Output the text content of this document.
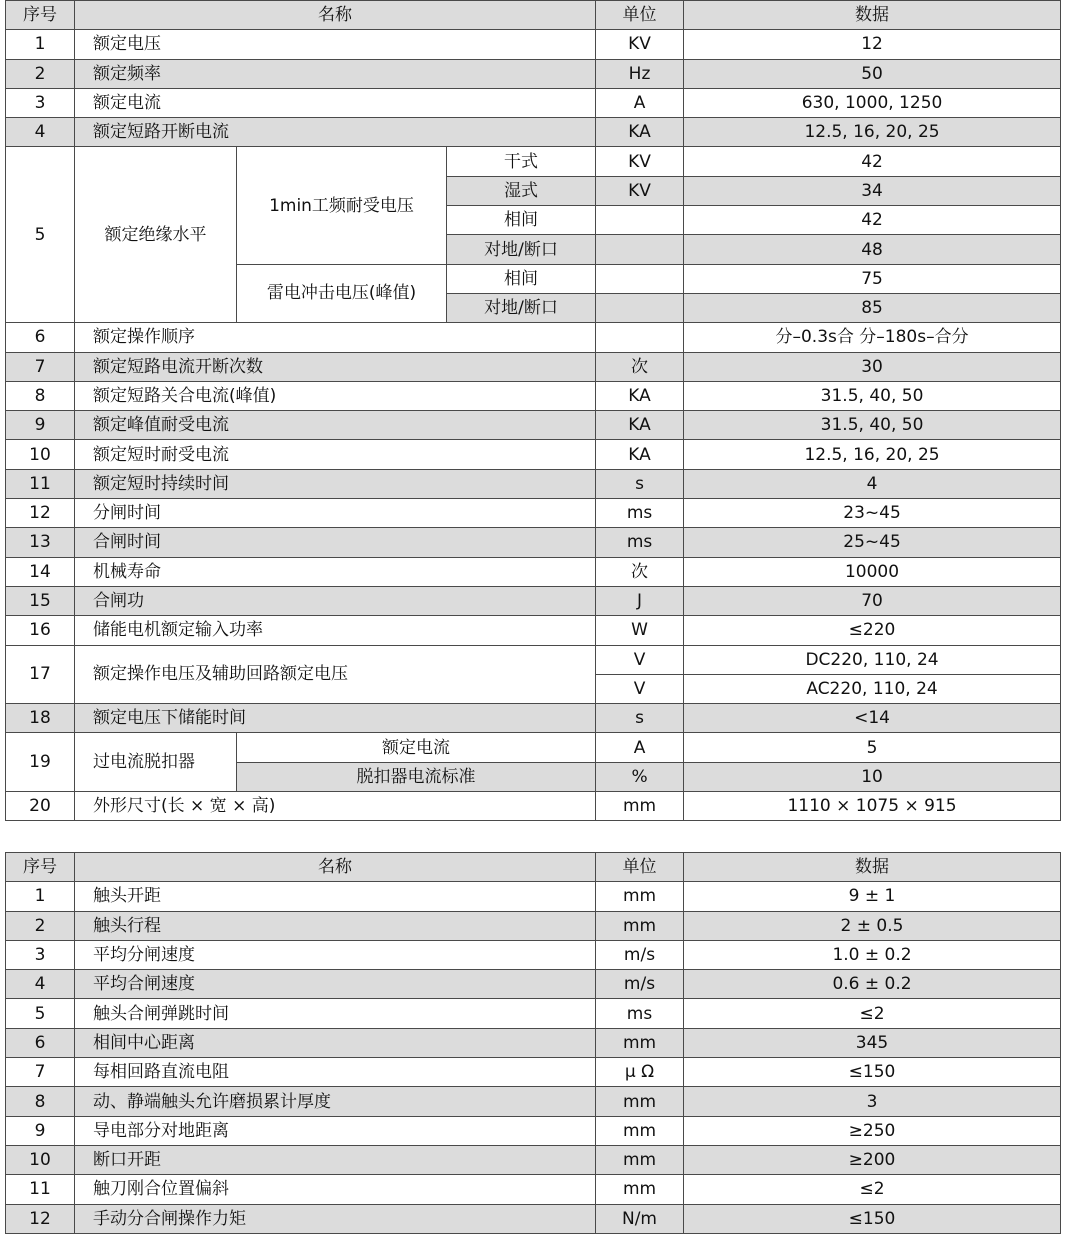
序号	名称			单位	数据
1	额定电压			KV	12
2	额定频率			Hz	50
3	额定电流			A	630, 1000, 1250
4	额定短路开断电流			KA	12.5, 16, 20, 25
5	额定绝缘水平	1min工频耐受电压	干式	KV	42
			湿式	KV	34
			相间		42
			对地/断口		48
		雷电冲击电压(峰值)	相间		75
			对地/断口		85
6	额定操作顺序				分–0.3s合 分–180s–合分
7	额定短路电流开断次数			次	30
8	额定短路关合电流(峰值)			KA	31.5, 40, 50
9	额定峰值耐受电流			KA	31.5, 40, 50
10	额定短时耐受电流			KA	12.5, 16, 20, 25
11	额定短时持续时间			s	4
12	分闸时间			ms	23~45
13	合闸时间			ms	25~45
14	机械寿命			次	10000
15	合闸功			J	70
16	储能电机额定输入功率			W	≤220
17	额定操作电压及辅助回路额定电压			V	DC220, 110, 24
				V	AC220, 110, 24
18	额定电压下储能时间			s	<14
19	过电流脱扣器	额定电流		A	5
		脱扣器电流标准		%	10
20	外形尺寸(长 × 宽 × 高)			mm	1110 × 1075 × 915
序号	名称	单位	数据
1	触头开距	mm	9 ± 1
2	触头行程	mm	2 ± 0.5
3	平均分闸速度	m/s	1.0 ± 0.2
4	平均合闸速度	m/s	0.6 ± 0.2
5	触头合闸弹跳时间	ms	≤2
6	相间中心距离	mm	345
7	每相回路直流电阻	μ Ω	≤150
8	动、静端触头允许磨损累计厚度	mm	3
9	导电部分对地距离	mm	≥250
10	断口开距	mm	≥200
11	触刀刚合位置偏斜	mm	≤2
12	手动分合闸操作力矩	N/m	≤150
